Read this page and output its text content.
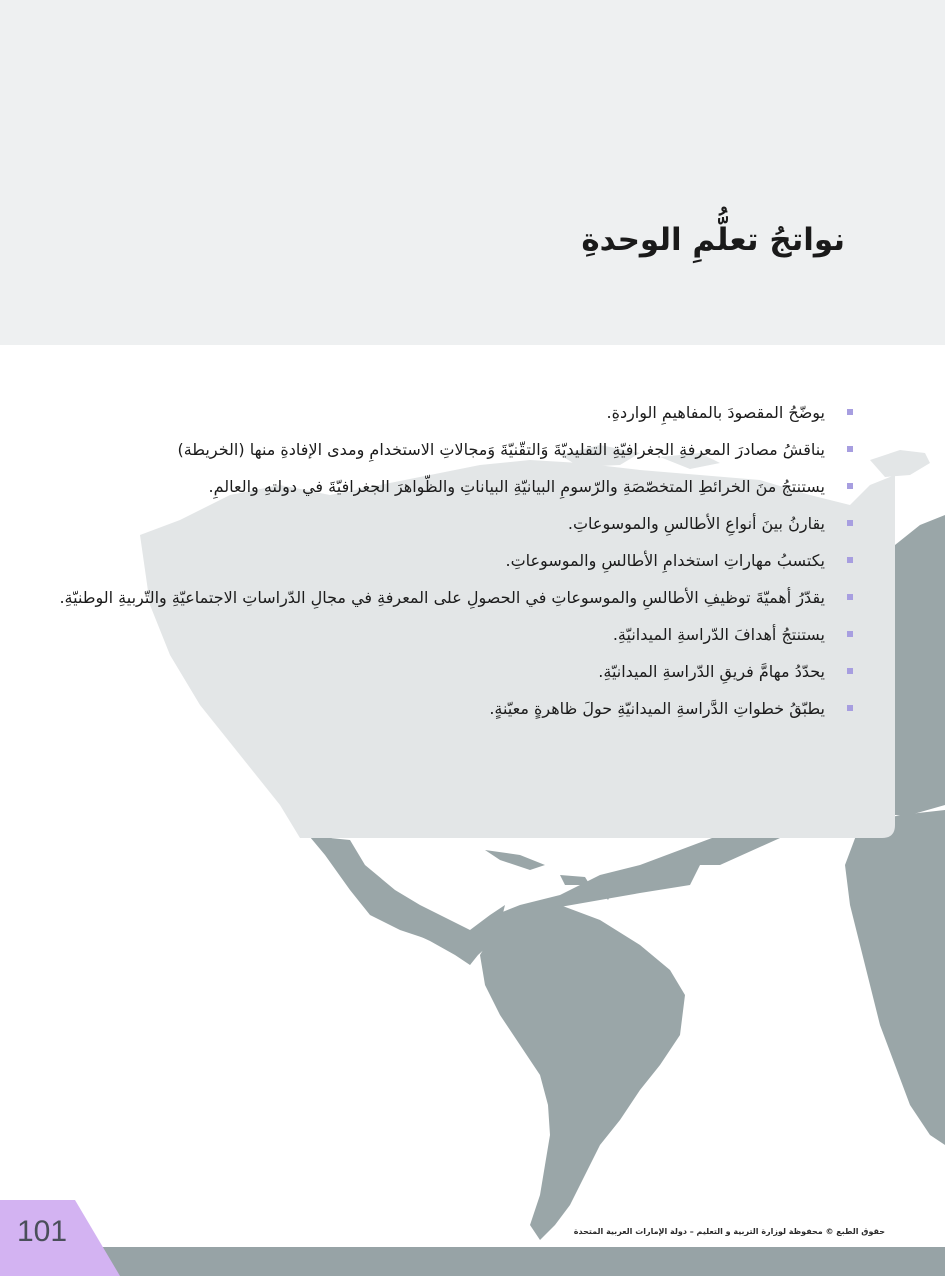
نواتجُ تعلُّمِ الوحدةِ
يوضّحُ المقصودَ بالمفاهيمِ الواردةِ.
يناقشُ مصادرَ المعرفةِ الجغرافيّةِ التقليديّةَ وَالتقّنيّةَ وَمجالاتِ الاستخدامِ ومدى الإفادةِ منها (الخريطة)
يستنتجُ منَ الخرائطِ المتخصّصَةِ والرّسومِ البيانيّةِ البياناتِ والظّواهرَ الجغرافيّةَ في دولتهِ والعالمِ.
يقارنُ بينَ أنواعِ الأطالسِ والموسوعاتِ.
يكتسبُ مهاراتِ استخدامِ الأطالسِ والموسوعاتِ.
يقدّرُ أهميّةَ توظيفِ الأطالسِ والموسوعاتِ في الحصولِ على المعرفةِ في مجالِ الدّراساتِ الاجتماعيّةِ والتّربيةِ الوطنيّةِ.
يستنتجُ أهدافَ الدّراسةِ الميدانيّةِ.
يحدّدُ مهامَّ فريقِ الدّراسةِ الميدانيّةِ.
يطبّقُ خطواتِ الدَّراسةِ الميدانيّةِ حولَ ظاهرةٍ معيّنةٍ.
101	حقوق الطبع © محفوظة لوزارة التربية و التعليم – دولة الإمارات العربية المتحدة
